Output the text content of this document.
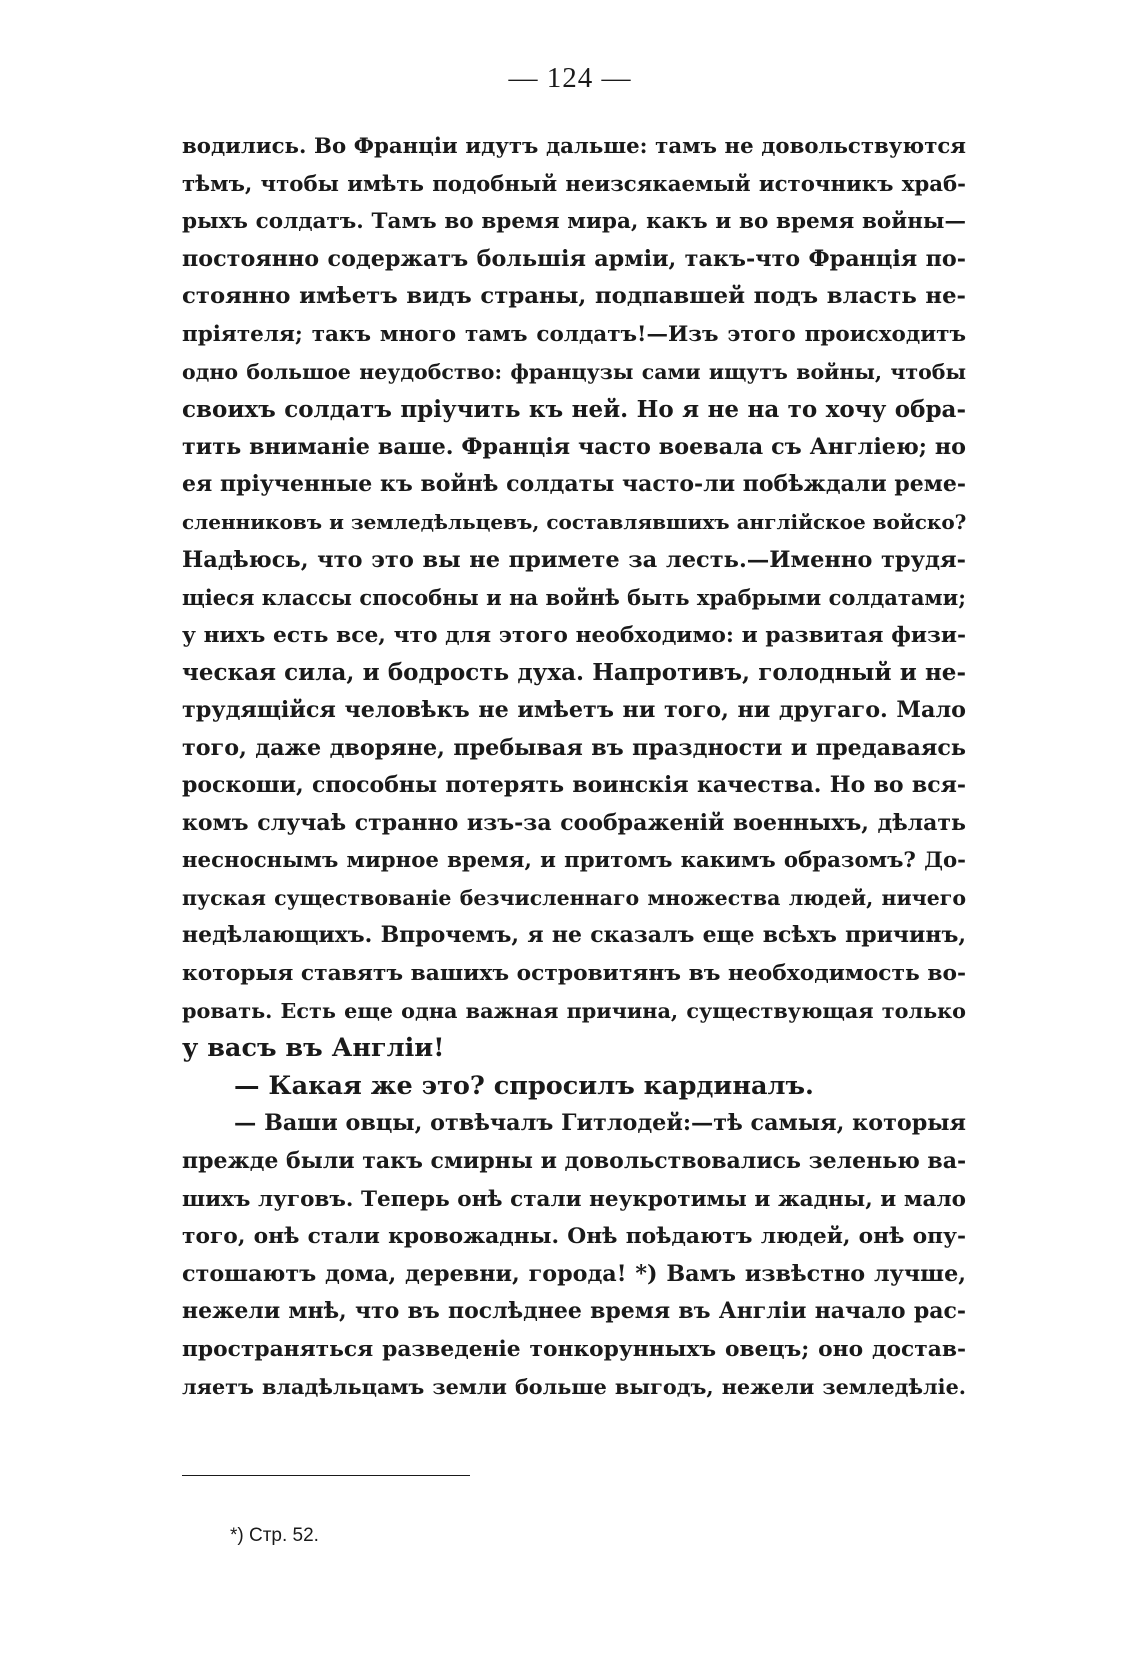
— 124 —
водились. Во Франціи идутъ дальше: тамъ не довольствуются
тѣмъ, чтобы имѣть подобный неизсякаемый источникъ храб-
рыхъ солдатъ. Тамъ во время мира, какъ и во время войны—
постоянно содержатъ большія арміи, такъ-что Франція по-
стоянно имѣетъ видъ страны, подпавшей подъ власть не-
пріятеля; такъ много тамъ солдатъ!—Изъ этого происходитъ
одно большое неудобство: французы сами ищутъ войны, чтобы
своихъ солдатъ пріучить къ ней. Но я не на то хочу обра-
тить вниманіе ваше. Франція часто воевала съ Англіею; но
ея пріученные къ войнѣ солдаты часто-ли побѣждали реме-
сленниковъ и земледѣльцевъ, составлявшихъ англійское войско?
Надѣюсь, что это вы не примете за лесть.—Именно трудя-
щіеся классы способны и на войнѣ быть храбрыми солдатами;
у нихъ есть все, что для этого необходимо: и развитая физи-
ческая сила, и бодрость духа. Напротивъ, голодный и не-
трудящійся человѣкъ не имѣетъ ни того, ни другаго. Мало
того, даже дворяне, пребывая въ праздности и предаваясь
роскоши, способны потерять воинскія качества. Но во вся-
комъ случаѣ странно изъ-за соображеній военныхъ, дѣлать
несноснымъ мирное время, и притомъ какимъ образомъ? До-
пуская существованіе безчисленнаго множества людей, ничего
недѣлающихъ. Впрочемъ, я не сказалъ еще всѣхъ причинъ,
которыя ставятъ вашихъ островитянъ въ необходимость во-
ровать. Есть еще одна важная причина, существующая только
у васъ въ Англіи!
— Какая же это? спросилъ кардиналъ.
— Ваши овцы, отвѣчалъ Гитлодей:—тѣ самыя, которыя
прежде были такъ смирны и довольствовались зеленью ва-
шихъ луговъ. Теперь онѣ стали неукротимы и жадны, и мало
того, онѣ стали кровожадны. Онѣ поѣдаютъ людей, онѣ опу-
стошаютъ дома, деревни, города! *) Вамъ извѣстно лучше,
нежели мнѣ, что въ послѣднее время въ Англіи начало рас-
пространяться разведеніе тонкорунныхъ овецъ; оно достав-
ляетъ владѣльцамъ земли больше выгодъ, нежели земледѣліе.
*) Стр. 52.
